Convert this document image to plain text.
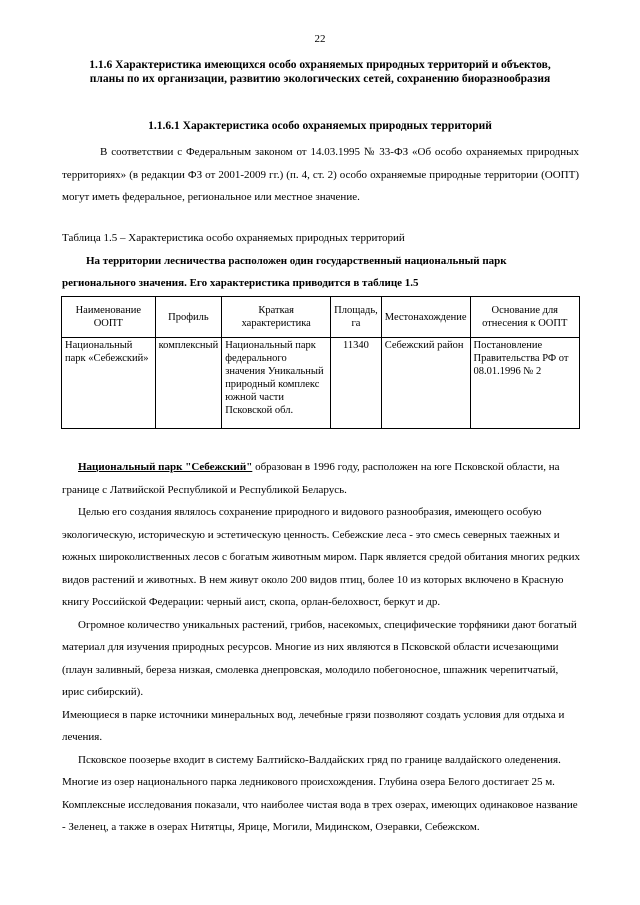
22
1.1.6 Характеристика имеющихся особо охраняемых природных территорий и объектов, планы по их организации, развитию экологических сетей, сохранению биоразнообразия
1.1.6.1 Характеристика особо охраняемых природных территорий

В соответствии с Федеральным законом от 14.03.1995 № 33-ФЗ «Об особо охраняемых природных территориях» (в редакции ФЗ от 2001-2009 гг.) (п. 4, ст. 2) особо охраняемые природные территории (ООПТ) могут иметь федеральное, региональное или местное значение.

Таблица 1.5 – Характеристика особо охраняемых природных территорий

На территории лесничества расположен один государственный национальный парк регионального значения. Его характеристика приводится в таблице 1.5

Наименование ООПТ	Профиль	Краткая характеристика	Площадь, га	Местонахождение	Основание для отнесения к ООПТ
Национальный парк «Себежский»	комплексный	Национальный парк федерального значения Уникальный природный комплекс южной части Псковской обл.	11340	Себежский район	Постановление Правительства РФ от 08.01.1996 № 2

Национальный парк "Себежский" образован в 1996 году, расположен на юге Псковской области, на границе с Латвийской Республикой и Республикой Беларусь.

Целью его создания являлось сохранение природного и видового разнообразия, имеющего особую экологическую, историческую и эстетическую ценность. Себежские леса - это смесь северных таежных и южных широколиственных лесов с богатым животным миром. Парк является средой обитания многих редких видов растений и животных. В нем живут около 200 видов птиц, более 10 из которых включено в Красную книгу Российской Федерации: черный аист, скопа, орлан-белохвост, беркут и др.

Огромное количество уникальных растений, грибов, насекомых, специфические торфяники дают богатый материал для изучения природных ресурсов. Многие из них являются в Псковской области исчезающими (плаун заливный, береза низкая, смолевка днепровская, молодило побегоносное, шпажник черепитчатый, ирис сибирский).

Имеющиеся в парке источники минеральных вод, лечебные грязи позволяют создать условия для отдыха и лечения.

Псковское поозерье входит в систему Балтийско-Валдайских гряд по границе валдайского оледенения. Многие из озер национального парка ледникового происхождения. Глубина озера Белого достигает 25 м. Комплексные исследования показали, что наиболее чистая вода в трех озерах, имеющих одинаковое название - Зеленец, а также в озерах Нитятцы, Ярице, Могили, Мидинском, Озеравки, Себежском.
